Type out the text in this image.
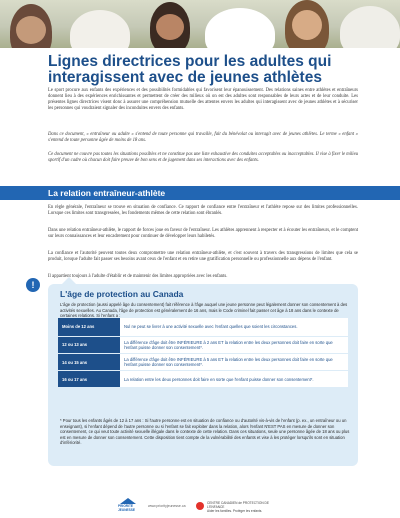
Lignes directrices pour les adultes qui interagissent avec de jeunes athlètes
Le sport procure aux enfants des expériences et des possibilités formidables qui favorisent leur épanouissement. Des relations saines entre athlètes et entraîneurs donnent lieu à des expériences enrichissantes et permettent de créer des milieux où on est des adultes sont responsables de leurs actes et de leur conduite. Les présentes lignes directrices visent donc à assurer une compréhension mutuelle des attentes envers les adultes qui interagissent avec de jeunes athlètes et à sécuriser les personnes qui voudraient signaler des inconduites envers des enfants.
Dans ce document, « entraîneur ou adulte » s'entend de toute personne qui travaille, fait du bénévolat ou interagit avec de jeunes athlètes. Le terme « enfant » s'entend de toute personne âgée de moins de 18 ans.
Ce document ne couvre pas toutes les situations possibles et ne constitue pas une liste exhaustive des conduites acceptables ou inacceptables. Il vise à fixer le milieu sportif d'un cadre où chacun doit faire preuve de bon sens et de jugement dans ses interactions avec des enfants.
La relation entraîneur-athlète
En règle générale, l'entraîneur se trouve en situation de confiance. Ce rapport de confiance entre l'entraîneur et l'athlète repose sur des limites professionnelles. Lorsque ces limites sont transgressées, les fondements mêmes de cette relation sont ébranlés.
Dans une relation entraîneur-athlète, le rapport de forces joue en faveur de l'entraîneur. Les athlètes apprennent à respecter et à écouter les entraîneurs, et le comptent sur leurs connaissances et leur encadrement pour continuer de développer leurs habiletés.
La confiance et l'autorité peuvent toutes deux compromettre une relation entraîneur-athlète, et c'est souvent à travers des transgressions de limites que cela se produit, lorsque l'adulte fait passer ses besoins avant ceux de l'enfant et en retire une gratification personnelle ou professionnelle aux dépens de l'enfant.
Il appartient toujours à l'adulte d'établir et de maintenir des limites appropriées avec les enfants.
L'âge de protection au Canada
L'âge de protection (aussi appelé âge du consentement) fait référence à l'âge auquel une jeune personne peut légalement donner son consentement à des activités sexuelles. Au Canada, l'âge de protection est généralement de 16 ans, mais le Code criminel fait passer cet âge à 18 ans dans le contexte de certaines relations. Si l'enfant a :
!
Moins de 12 ans	Nul ne peut se livrer à une activité sexuelle avec l'enfant quelles que soient les circonstances.
12 ou 13 ans	La différence d'âge doit être INFÉRIEURE à 2 ans ET la relation entre les deux personnes doit faire en sorte que l'enfant puisse donner son consentement*.
14 ou 15 ans	La différence d'âge doit être INFÉRIEURE à 5 ans ET la relation entre les deux personnes doit faire en sorte que l'enfant puisse donner son consentement*.
16 ou 17 ans	La relation entre les deux personnes doit faire en sorte que l'enfant puisse donner son consentement*.
* Pour tous les enfants âgés de 12 à 17 ans : Si l'autre personne est en situation de confiance ou d'autorité vis-à-vis de l'enfant (p. ex., un entraîneur ou un enseignant), si l'enfant dépend de l'autre personne ou si l'enfant se fait exploiter dans la relation, alors l'enfant N'EST PAS en mesure de donner son consentement, ce qui veut toute activité sexuelle illégale dans le contexte de cette relation. Dans ces situations, seule une personne âgée de 18 ans ou plus est en mesure de donner son consentement. Cette disposition tient compte de la vulnérabilité des enfants et vise à les protéger lorsqu'ils sont en situation d'infériorité.
PRIORITÉ JEUNESSE
www.priorityjeunesse.ca
CENTRE CANADIEN de PROTECTION DE L'ENFANCE
Aider les familles. Protéger les enfants.
